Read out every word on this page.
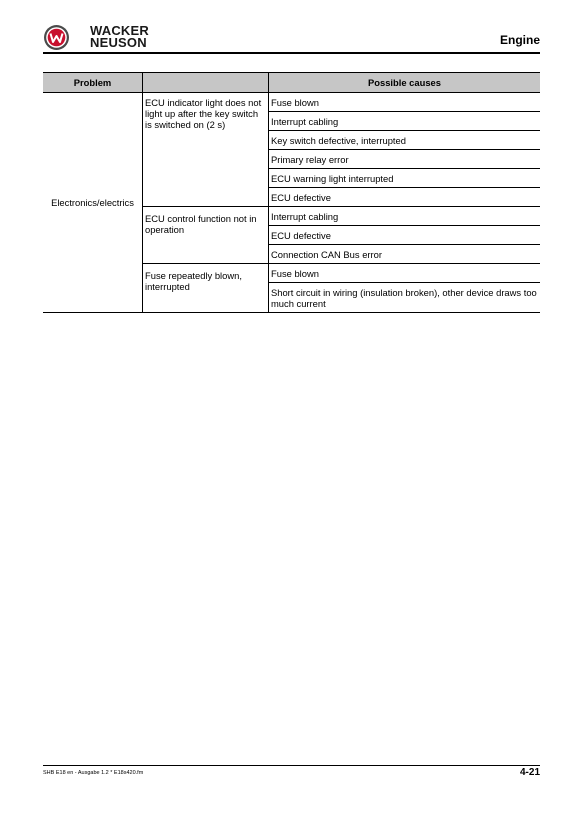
WACKER
NEUSON	Engine
Problem		Possible causes
Electronics/electrics	ECU indicator light does not light up after the key switch is switched on (2 s)	Fuse blown
		Interrupt cabling
		Key switch defective, interrupted
		Primary relay error
		ECU warning light interrupted
		ECU defective

	ECU control function not in operation	Interrupt cabling
		ECU defective
		Connection CAN Bus error

	Fuse repeatedly blown, interrupted	Fuse blown
		Short circuit in wiring (insulation broken), other device draws too much current
SHB E18 en - Ausgabe 1.2 * E18s420.fm	4-21
